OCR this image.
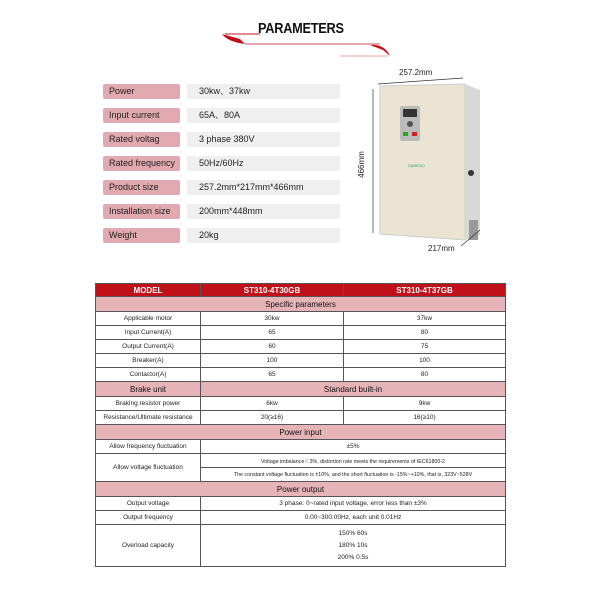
PARAMETERS
Power	30kw、37kw
Input current	65A、80A
Rated voltag	3 phase 380V
Rated frequency	50Hz/60Hz
Product size	257.2mm*217mm*466mm
Installation size	200mm*448mm
Weight	20kg
SABEDO
257.2mm
466mm
217mm
MODEL	ST310-4T30GB	ST310-4T37GB
Specific parameters		
Applicable motor	30kw	37kw
Input Current(A)	65	80
Output Current(A)	60	75
Breaker(A)	100	100
Contactor(A)	65	80
Brake unit	Standard built-in	
Braking resistor power	6kw	9kw
Resistance/Ultimate resistance	20(≥16)	16(≥10)
Power input		
Allow frequency fluctuation	±5%	
Allow voltage fluctuation	Voltage imbalance＜3%, distortion rate meets the requirements of IEC61800-2	
	The constant voltage fluctuation is ±10%, and the short fluctuation is -15%~+10%, that is, 323V~528V	
Power output		
Output voltage	3 phase: 0~rated input voltage, error less than ±3%	
Output frequency	0.00~300.00Hz, each unit 0.01Hz	
Overload capacity	150% 60s
180% 10s
200% 0.5s	
